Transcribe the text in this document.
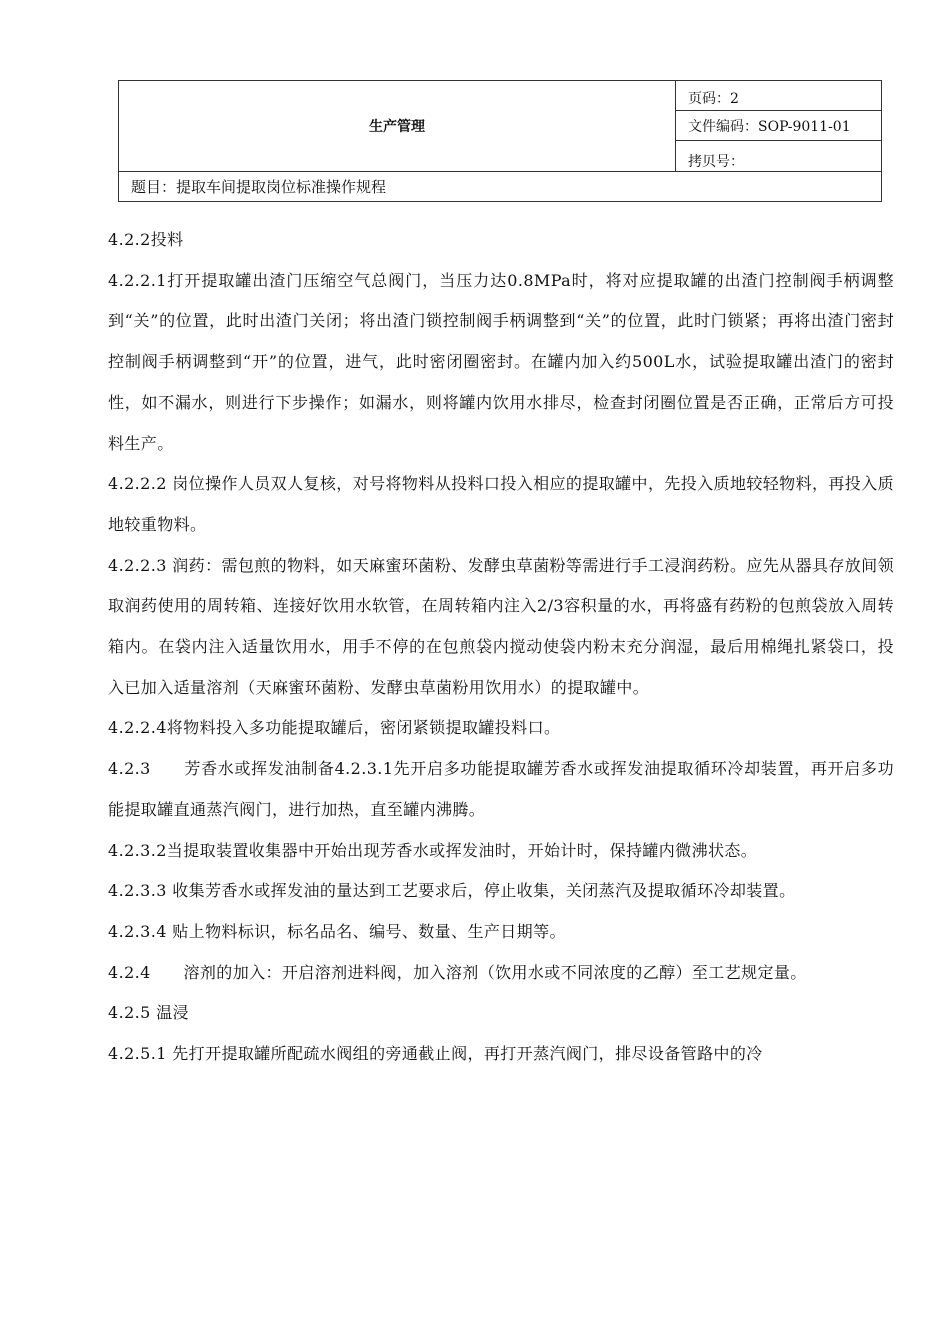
生产管理
页码：2
文件编码：SOP-9011-01
拷贝号：
题目：提取车间提取岗位标准操作规程

4.2.2投料

4.2.2.1打开提取罐出渣门压缩空气总阀门，当压力达0.8MPa时，将对应提取罐的出渣门控制阀手柄调整到“关”的位置，此时出渣门关闭；将出渣门锁控制阀手柄调整到“关”的位置，此时门锁紧；再将出渣门密封控制阀手柄调整到“开”的位置，进气，此时密闭圈密封。在罐内加入约500L水，试验提取罐出渣门的密封性，如不漏水，则进行下步操作；如漏水，则将罐内饮用水排尽，检查封闭圈位置是否正确，正常后方可投料生产。

4.2.2.2 岗位操作人员双人复核，对号将物料从投料口投入相应的提取罐中，先投入质地较轻物料，再投入质地较重物料。

4.2.2.3 润药：需包煎的物料，如天麻蜜环菌粉、发酵虫草菌粉等需进行手工浸润药粉。应先从器具存放间领取润药使用的周转箱、连接好饮用水软管，在周转箱内注入2/3容积量的水，再将盛有药粉的包煎袋放入周转箱内。在袋内注入适量饮用水，用手不停的在包煎袋内搅动使袋内粉末充分润湿，最后用棉绳扎紧袋口，投入已加入适量溶剂（天麻蜜环菌粉、发酵虫草菌粉用饮用水）的提取罐中。

4.2.2.4将物料投入多功能提取罐后，密闭紧锁提取罐投料口。

4.2.3　　芳香水或挥发油制备4.2.3.1先开启多功能提取罐芳香水或挥发油提取循环冷却装置，再开启多功能提取罐直通蒸汽阀门，进行加热，直至罐内沸腾。

4.2.3.2当提取装置收集器中开始出现芳香水或挥发油时，开始计时，保持罐内微沸状态。

4.2.3.3 收集芳香水或挥发油的量达到工艺要求后，停止收集，关闭蒸汽及提取循环冷却装置。

4.2.3.4 贴上物料标识，标名品名、编号、数量、生产日期等。

4.2.4　　溶剂的加入：开启溶剂进料阀，加入溶剂（饮用水或不同浓度的乙醇）至工艺规定量。

4.2.5 温浸

4.2.5.1 先打开提取罐所配疏水阀组的旁通截止阀，再打开蒸汽阀门，排尽设备管路中的冷
